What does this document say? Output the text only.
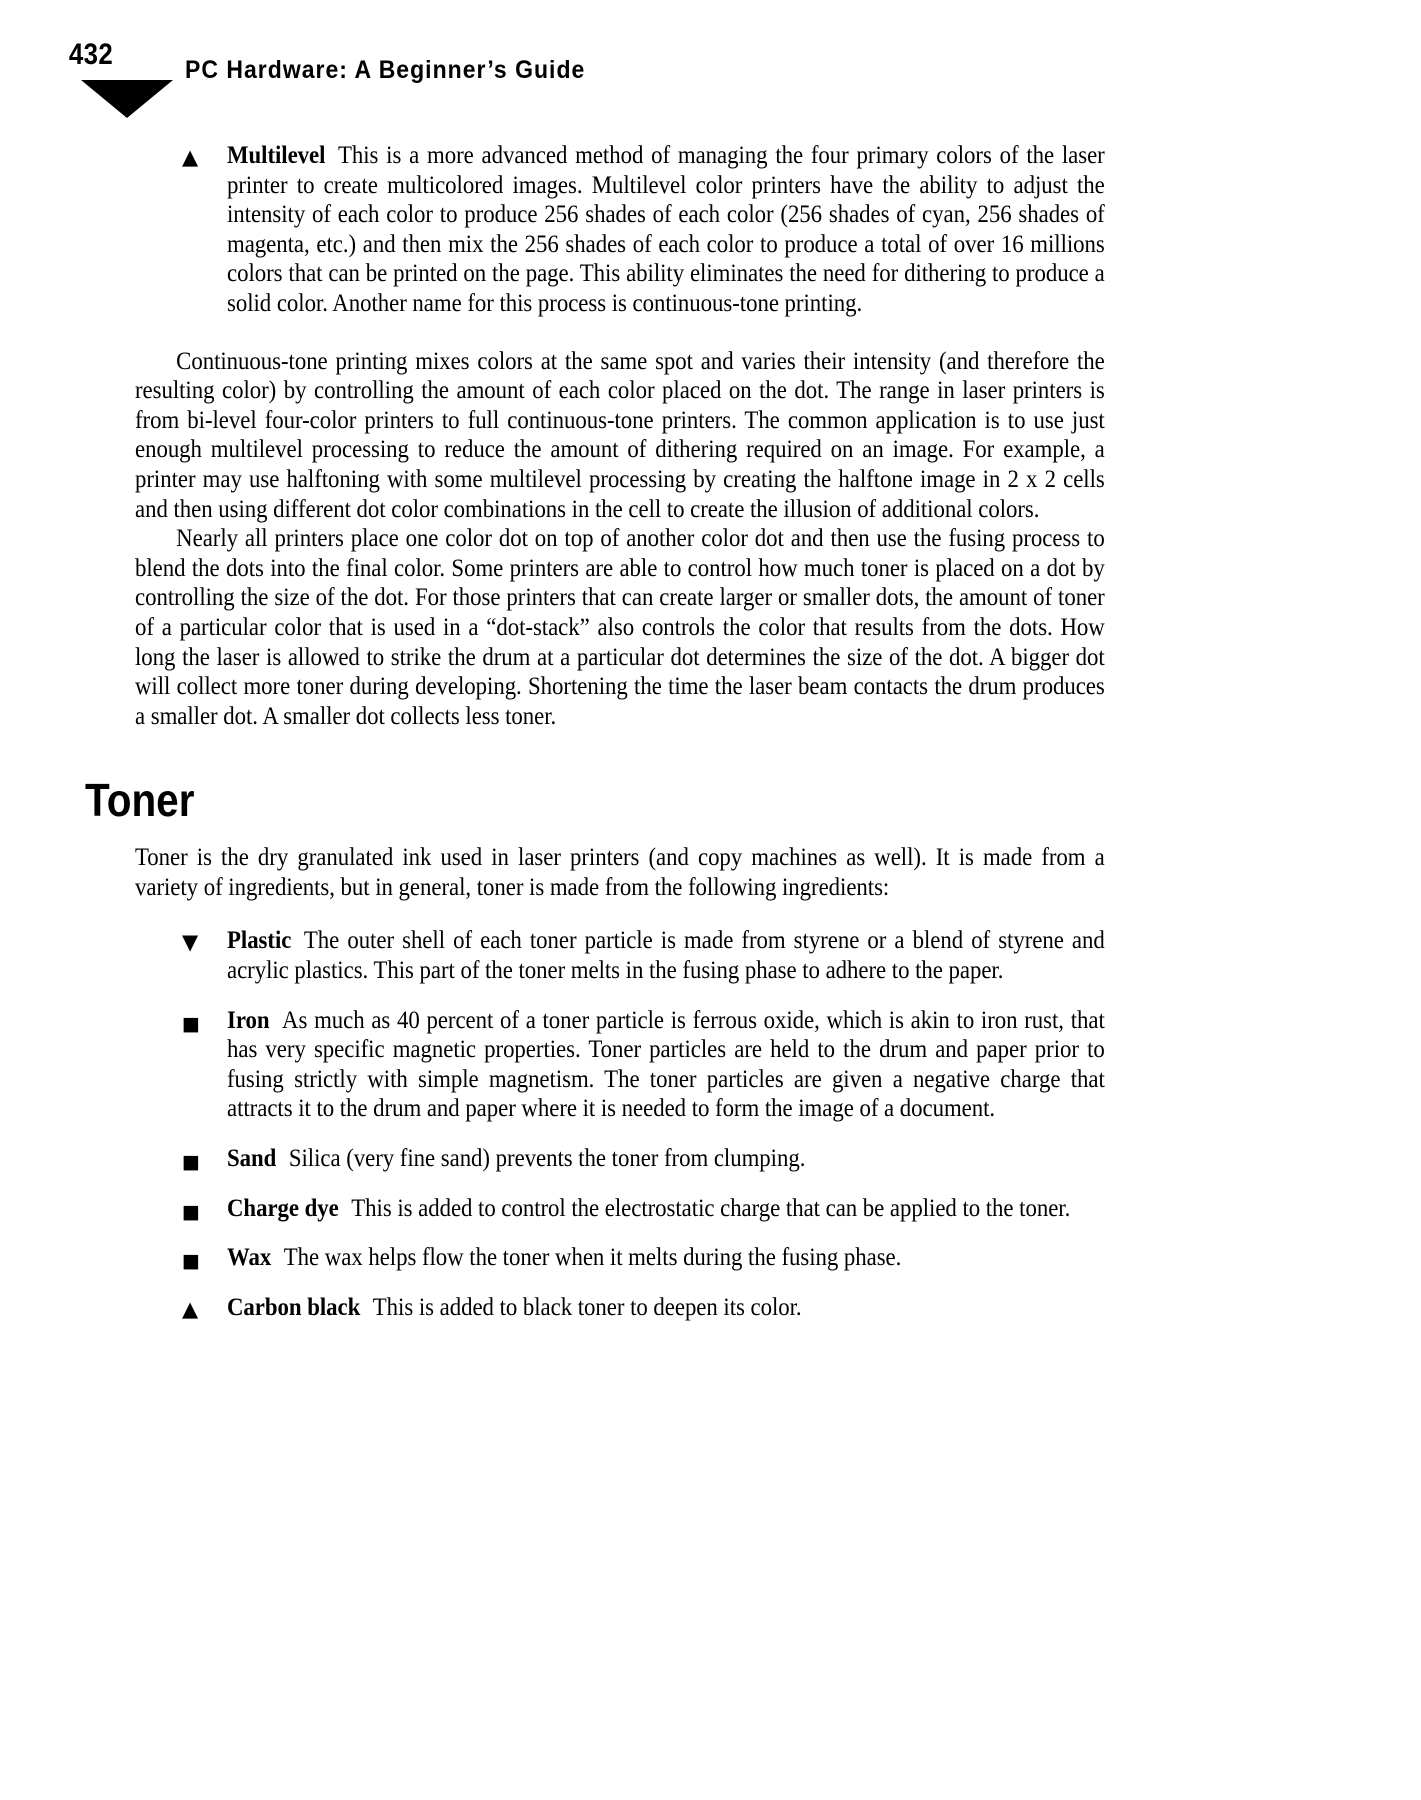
432	PC Hardware: A Beginner’s Guide
▲	Multilevel This is a more advanced method of managing the four primary colors of the laser printer to create multicolored images. Multilevel color printers have the ability to adjust the intensity of each color to produce 256 shades of each color (256 shades of cyan, 256 shades of magenta, etc.) and then mix the 256 shades of each color to produce a total of over 16 millions colors that can be printed on the page. This ability eliminates the need for dithering to produce a solid color. Another name for this process is continuous-tone printing.

Continuous-tone printing mixes colors at the same spot and varies their intensity (and therefore the resulting color) by controlling the amount of each color placed on the dot. The range in laser printers is from bi-level four-color printers to full continuous-tone printers. The common application is to use just enough multilevel processing to reduce the amount of dithering required on an image. For example, a printer may use halftoning with some multilevel processing by creating the halftone image in 2 x 2 cells and then using different dot color combinations in the cell to create the illusion of additional colors.

Nearly all printers place one color dot on top of another color dot and then use the fusing process to blend the dots into the final color. Some printers are able to control how much toner is placed on a dot by controlling the size of the dot. For those printers that can create larger or smaller dots, the amount of toner of a particular color that is used in a “dot-stack” also controls the color that results from the dots. How long the laser is allowed to strike the drum at a particular dot determines the size of the dot. A bigger dot will collect more toner during developing. Shortening the time the laser beam contacts the drum produces a smaller dot. A smaller dot collects less toner.

Toner

Toner is the dry granulated ink used in laser printers (and copy machines as well). It is made from a variety of ingredients, but in general, toner is made from the following ingredients:

▼	Plastic The outer shell of each toner particle is made from styrene or a blend of styrene and acrylic plastics. This part of the toner melts in the fusing phase to adhere to the paper.

■	Iron As much as 40 percent of a toner particle is ferrous oxide, which is akin to iron rust, that has very specific magnetic properties. Toner particles are held to the drum and paper prior to fusing strictly with simple magnetism. The toner particles are given a negative charge that attracts it to the drum and paper where it is needed to form the image of a document.

■	Sand Silica (very fine sand) prevents the toner from clumping.

■	Charge dye This is added to control the electrostatic charge that can be applied to the toner.

■	Wax The wax helps flow the toner when it melts during the fusing phase.

▲	Carbon black This is added to black toner to deepen its color.
